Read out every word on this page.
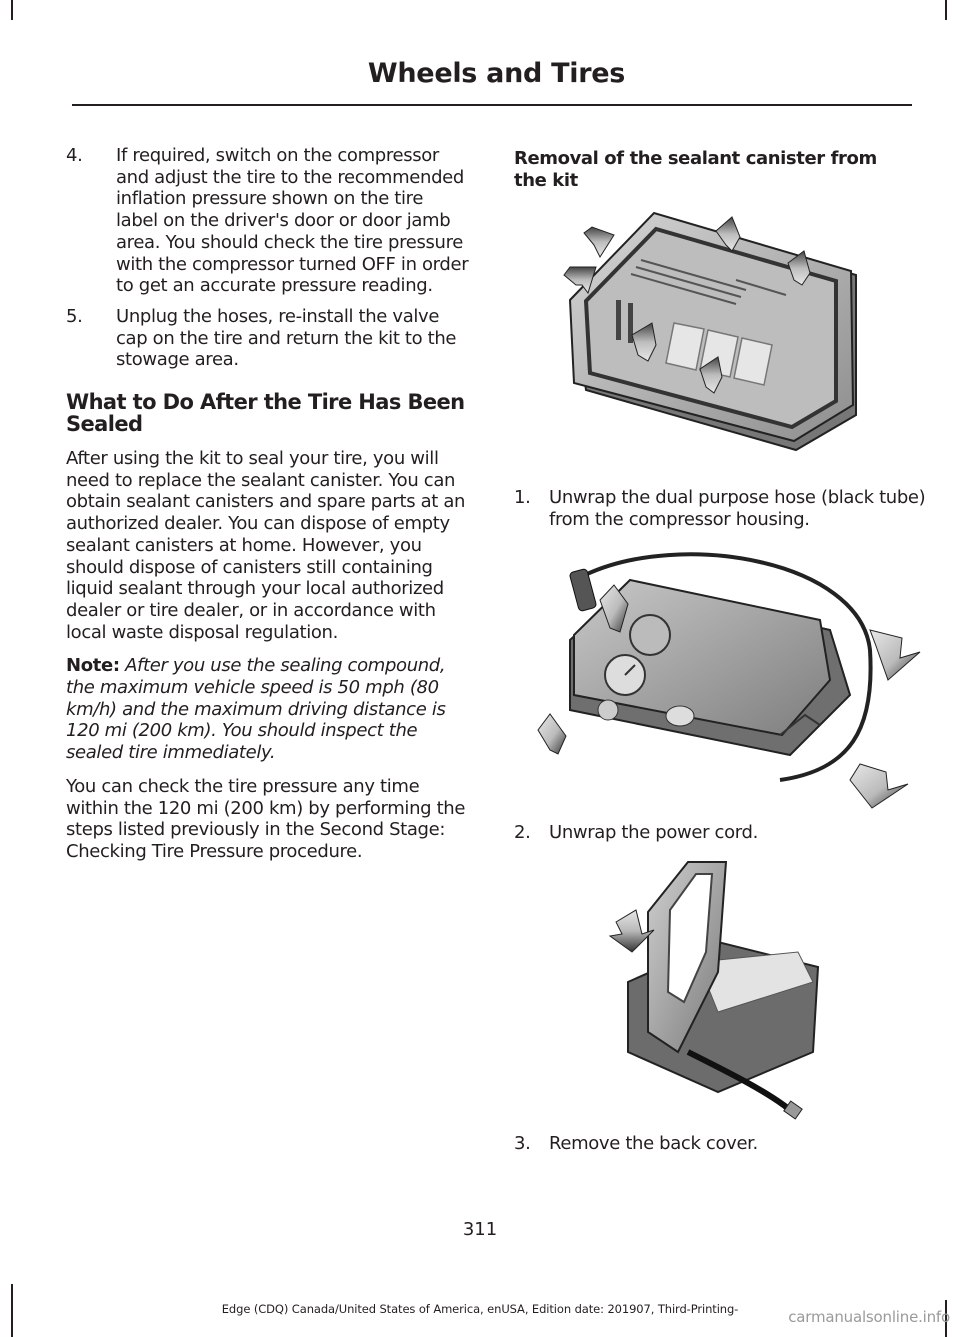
Wheels and Tires
4. If required, switch on the compressor and adjust the tire to the recommended inflation pressure shown on the tire label on the driver's door or door jamb area. You should check the tire pressure with the compressor turned OFF in order to get an accurate pressure reading.
5. Unplug the hoses, re-install the valve cap on the tire and return the kit to the stowage area.
What to Do After the Tire Has Been Sealed

After using the kit to seal your tire, you will need to replace the sealant canister. You can obtain sealant canisters and spare parts at an authorized dealer. You can dispose of empty sealant canisters at home. However, you should dispose of canisters still containing liquid sealant through your local authorized dealer or tire dealer, or in accordance with local waste disposal regulation.

Note: After you use the sealing compound, the maximum vehicle speed is 50 mph (80 km/h) and the maximum driving distance is 120 mi (200 km). You should inspect the sealed tire immediately.

You can check the tire pressure any time within the 120 mi (200 km) by performing the steps listed previously in the Second Stage: Checking Tire Pressure procedure.

Removal of the sealant canister from the kit
1. Unwrap the dual purpose hose (black tube) from the compressor housing.
2. Unwrap the power cord.
3. Remove the back cover.
311
Edge (CDQ) Canada/United States of America, enUSA, Edition date: 201907, Third-Printing-	carmanualsonline.info
